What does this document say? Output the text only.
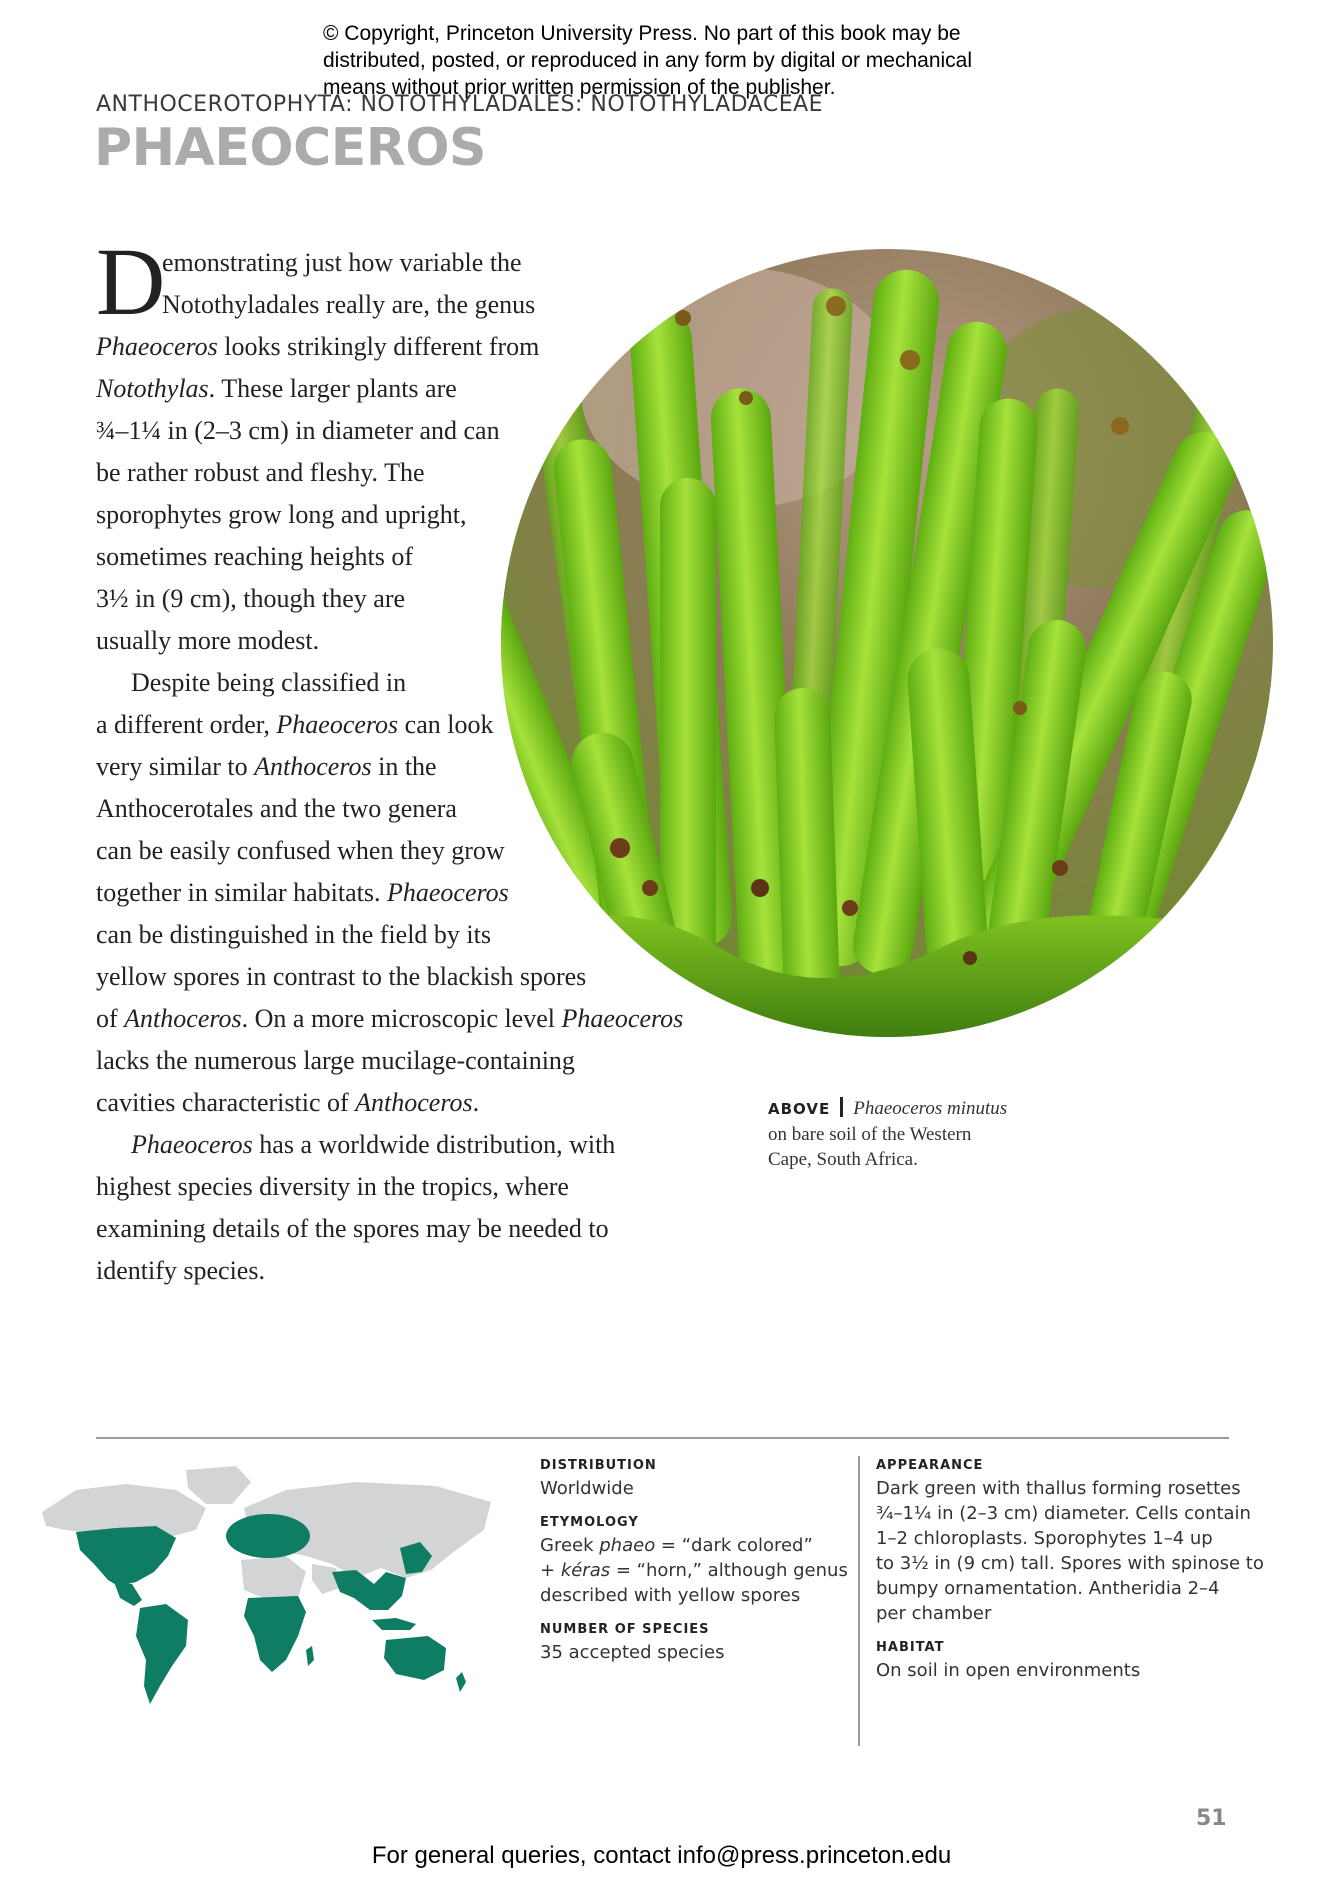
© Copyright, Princeton University Press. No part of this book may be
distributed, posted, or reproduced in any form by digital or mechanical
means without prior written permission of the publisher.
ANTHOCEROTOPHYTA: NOTOTHYLADALES: NOTOTHYLADACEAE
PHAEOCEROS
D
emonstrating just how variable the
Notothyladales really are, the genus
Phaeoceros looks strikingly different from
Notothylas. These larger plants are
¾–1¼ in (2–3 cm) in diameter and can
be rather robust and fleshy. The
sporophytes grow long and upright,
sometimes reaching heights of
3½ in (9 cm), though they are
usually more modest.
Despite being classified in
a different order, Phaeoceros can look
very similar to Anthoceros in the
Anthocerotales and the two genera
can be easily confused when they grow
together in similar habitats. Phaeoceros
can be distinguished in the field by its
yellow spores in contrast to the blackish spores
of Anthoceros. On a more microscopic level Phaeoceros
lacks the numerous large mucilage-containing
cavities characteristic of Anthoceros.
Phaeoceros has a worldwide distribution, with
highest species diversity in the tropics, where
examining details of the spores may be needed to
identify species.
ABOVE Phaeoceros minutus
on bare soil of the Western
Cape, South Africa.
DISTRIBUTION
Worldwide
ETYMOLOGY
Greek phaeo = “dark colored”
+ kéras = “horn,” although genus
described with yellow spores
NUMBER OF SPECIES
35 accepted species
APPEARANCE
Dark green with thallus forming rosettes
¾–1¼ in (2–3 cm) diameter. Cells contain
1–2 chloroplasts. Sporophytes 1–4 up
to 3½ in (9 cm) tall. Spores with spinose to
bumpy ornamentation. Antheridia 2–4
per chamber
HABITAT
On soil in open environments
51
For general queries, contact info@press.princeton.edu
